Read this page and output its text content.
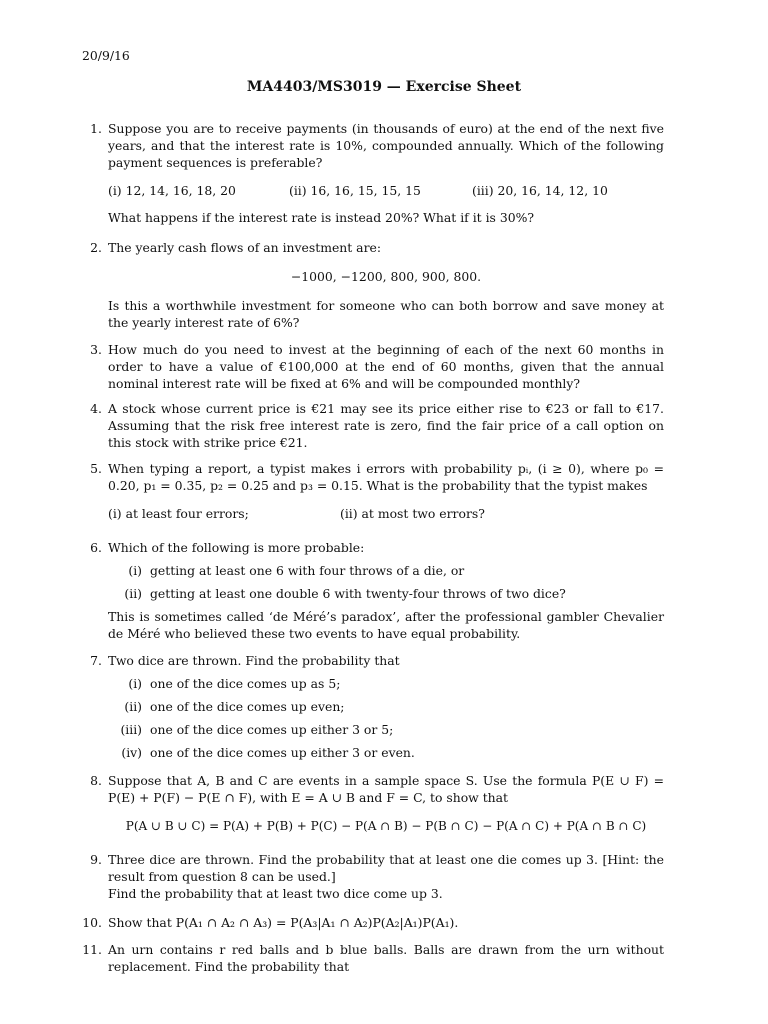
20/9/16
MA4403/MS3019 — Exercise Sheet
1. Suppose you are to receive payments (in thousands of euro) at the end of the next five years, and that the interest rate is 10%, compounded annually. Which of the following payment sequences is preferable?
(i) 12, 14, 16, 18, 20	(ii) 16, 16, 15, 15, 15	(iii) 20, 16, 14, 12, 10
What happens if the interest rate is instead 20%? What if it is 30%?
2. The yearly cash flows of an investment are:
−1000, −1200, 800, 900, 800.
Is this a worthwhile investment for someone who can both borrow and save money at the yearly interest rate of 6%?
3. How much do you need to invest at the beginning of each of the next 60 months in order to have a value of €100,000 at the end of 60 months, given that the annual nominal interest rate will be fixed at 6% and will be compounded monthly?
4. A stock whose current price is €21 may see its price either rise to €23 or fall to €17. Assuming that the risk free interest rate is zero, find the fair price of a call option on this stock with strike price €21.
5. When typing a report, a typist makes i errors with probability pᵢ, (i ≥ 0), where p₀ = 0.20, p₁ = 0.35, p₂ = 0.25 and p₃ = 0.15. What is the probability that the typist makes
(i) at least four errors;	(ii) at most two errors?
6. Which of the following is more probable:
(i) getting at least one 6 with four throws of a die, or
(ii) getting at least one double 6 with twenty-four throws of two dice?
This is sometimes called ‘de Méré’s paradox’, after the professional gambler Chevalier de Méré who believed these two events to have equal probability.
7. Two dice are thrown. Find the probability that
(i) one of the dice comes up as 5;
(ii) one of the dice comes up even;
(iii) one of the dice comes up either 3 or 5;
(iv) one of the dice comes up either 3 or even.
8. Suppose that A, B and C are events in a sample space S. Use the formula P(E ∪ F) = P(E) + P(F) − P(E ∩ F), with E = A ∪ B and F = C, to show that
P(A ∪ B ∪ C) = P(A) + P(B) + P(C) − P(A ∩ B) − P(B ∩ C) − P(A ∩ C) + P(A ∩ B ∩ C)
9. Three dice are thrown. Find the probability that at least one die comes up 3. [Hint: the result from question 8 can be used.]
Find the probability that at least two dice come up 3.
10. Show that P(A₁ ∩ A₂ ∩ A₃) = P(A₃|A₁ ∩ A₂)P(A₂|A₁)P(A₁).
11. An urn contains r red balls and b blue balls. Balls are drawn from the urn without replacement. Find the probability that
